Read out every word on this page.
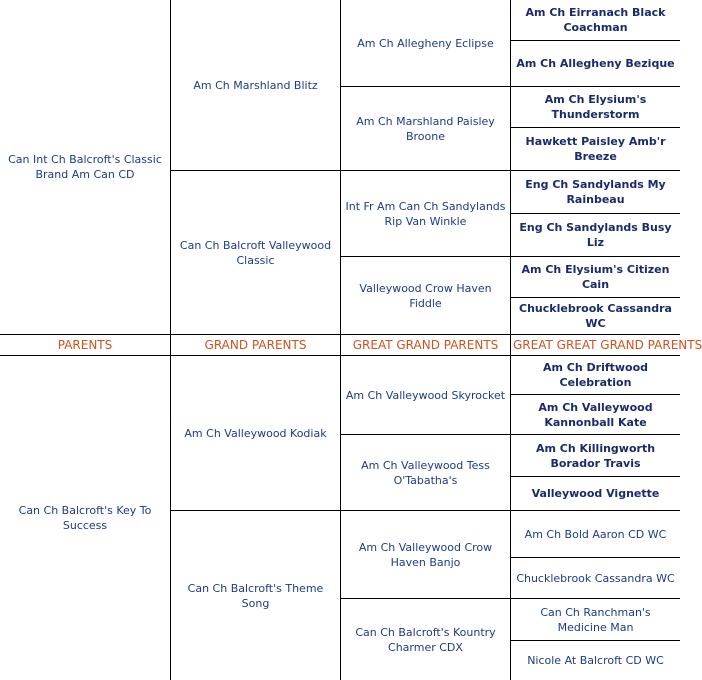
Can Int Ch Balcroft's Classic Brand Am Can CD
Can Ch Balcroft's Key To Success
Am Ch Marshland Blitz
Can Ch Balcroft Valleywood Classic
Am Ch Valleywood Kodiak
Can Ch Balcroft's Theme Song
Am Ch Allegheny Eclipse
Am Ch Marshland Paisley Broone
Int Fr Am Can Ch Sandylands Rip Van Winkle
Valleywood Crow Haven Fiddle
Am Ch Valleywood Skyrocket
Am Ch Valleywood Tess O'Tabatha's
Am Ch Valleywood Crow Haven Banjo
Can Ch Balcroft's Kountry Charmer CDX
Am Ch Eirranach Black Coachman
Am Ch Allegheny Bezique
Am Ch Elysium's Thunderstorm
Hawkett Paisley Amb'r Breeze
Eng Ch Sandylands My Rainbeau
Eng Ch Sandylands Busy Liz
Am Ch Elysium's Citizen Cain
Chucklebrook Cassandra WC
Am Ch Driftwood Celebration
Am Ch Valleywood Kannonball Kate
Am Ch Killingworth Borador Travis
Valleywood Vignette
Am Ch Bold Aaron CD WC
Chucklebrook Cassandra WC
Can Ch Ranchman's Medicine Man
Nicole At Balcroft CD WC
PARENTS	GRAND PARENTS	GREAT GRAND PARENTS GREAT GREAT GRAND PARENTS
